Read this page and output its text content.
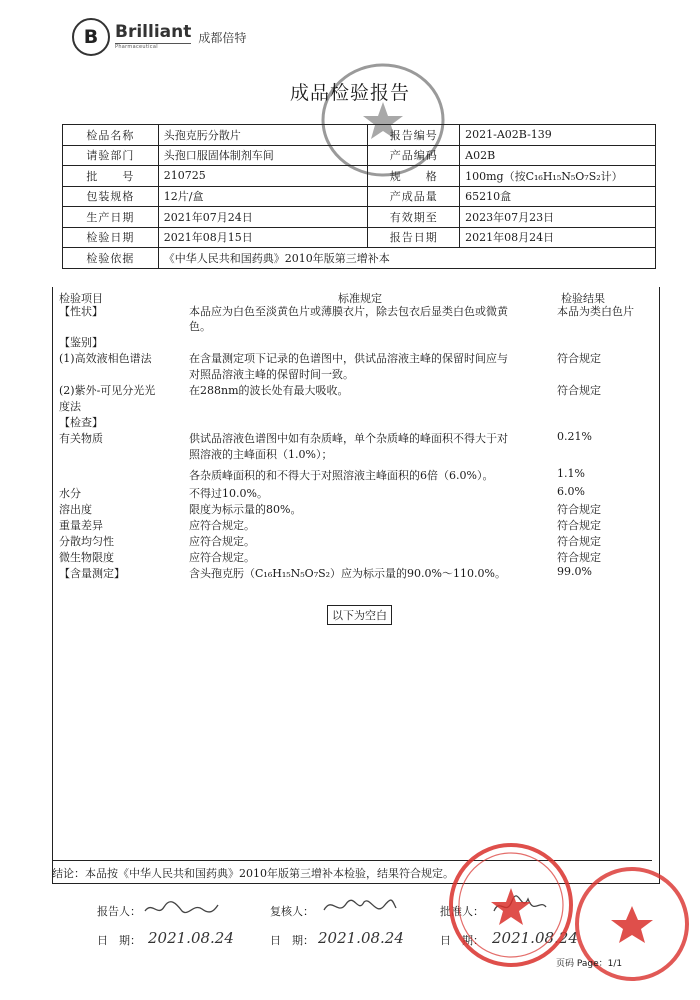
B Brilliant
Pharmaceutical
成都倍特
成品检验报告
检品名称	头孢克肟分散片	报告编号	2021-A02B-139
请验部门	头孢口服固体制剂车间	产品编码	A02B
批　　号	210725	规　　格	100mg（按C₁₆H₁₅N₅O₇S₂计）
包装规格	12片/盒	产成品量	65210盒
生产日期	2021年07月24日	有效期至	2023年07月23日
检验日期	2021年08月15日	报告日期	2021年08月24日
检验依据	《中华人民共和国药典》2010年版第三增补本		
检验项目	标准规定	检验结果
【性状】	本品应为白色至淡黄色片或薄膜衣片，除去包衣后显类白色或微黄	本品为类白色片
色。
【鉴别】
(1)高效液相色谱法	在含量测定项下记录的色谱图中，供试品溶液主峰的保留时间应与	符合规定
对照品溶液主峰的保留时间一致。
(2)紫外-可见分光光	在288nm的波长处有最大吸收。	符合规定
度法
【检查】
有关物质	供试品溶液色谱图中如有杂质峰，单个杂质峰的峰面积不得大于对	0.21%
照溶液的主峰面积（1.0%）；
各杂质峰面积的和不得大于对照溶液主峰面积的6倍（6.0%）。	1.1%
水分	不得过10.0%。	6.0%
溶出度	限度为标示量的80%。	符合规定
重量差异	应符合规定。	符合规定
分散均匀性	应符合规定。	符合规定
微生物限度	应符合规定。	符合规定
【含量测定】	含头孢克肟（C₁₆H₁₅N₅O₇S₂）应为标示量的90.0%～110.0%。	99.0%
以下为空白
结论：本品按《中华人民共和国药典》2010年版第三增补本检验，结果符合规定。
报告人：	复核人：	批准人：
日　期：	日　期：	日　期：
2021.08.24	2021.08.24	2021.08.24
页码 Page：1/1
